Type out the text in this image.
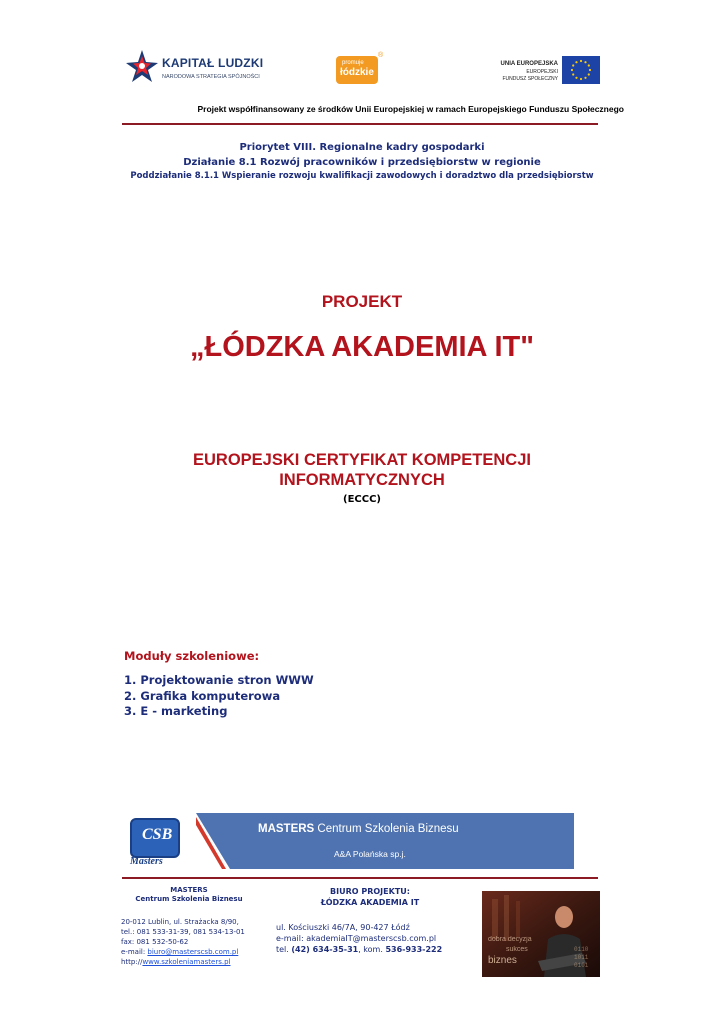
KAPITAŁ LUDZKI
NARODOWA STRATEGIA SPÓJNOŚCI
promuje
łódzkie
®
UNIA EUROPEJSKA
EUROPEJSKI
FUNDUSZ SPOŁECZNY
Projekt współfinansowany ze środków Unii Europejskiej w ramach Europejskiego Funduszu Społecznego
Priorytet VIII. Regionalne kadry gospodarki
Działanie 8.1 Rozwój pracowników i przedsiębiorstw w regionie
Poddziałanie 8.1.1 Wspieranie rozwoju kwalifikacji zawodowych i doradztwo dla przedsiębiorstw
PROJEKT
„ŁÓDZKA AKADEMIA IT"
EUROPEJSKI CERTYFIKAT KOMPETENCJI
INFORMATYCZNYCH
(ECCC)
Moduły szkoleniowe:
1. Projektowanie stron WWW
2. Grafika komputerowa
3. E - marketing
CSB
Masters
MASTERS Centrum Szkolenia Biznesu
A&A Polańska sp.j.
MASTERS
Centrum Szkolenia Biznesu
20-012 Lublin, ul. Strażacka 8/90,
tel.: 081 533-31-39, 081 534-13-01
fax: 081 532-50-62
e-mail: biuro@masterscsb.com.pl
http://www.szkoleniamasters.pl
BIURO PROJEKTU:
ŁÓDZKA AKADEMIA IT
ul. Kościuszki 46/7A, 90-427 Łódź
e-mail: akademiaIT@masterscsb.com.pl
tel. (42) 634-35-31, kom. 536-933-222
dobra decyzja
sukces
biznes
0110
1011
0101
